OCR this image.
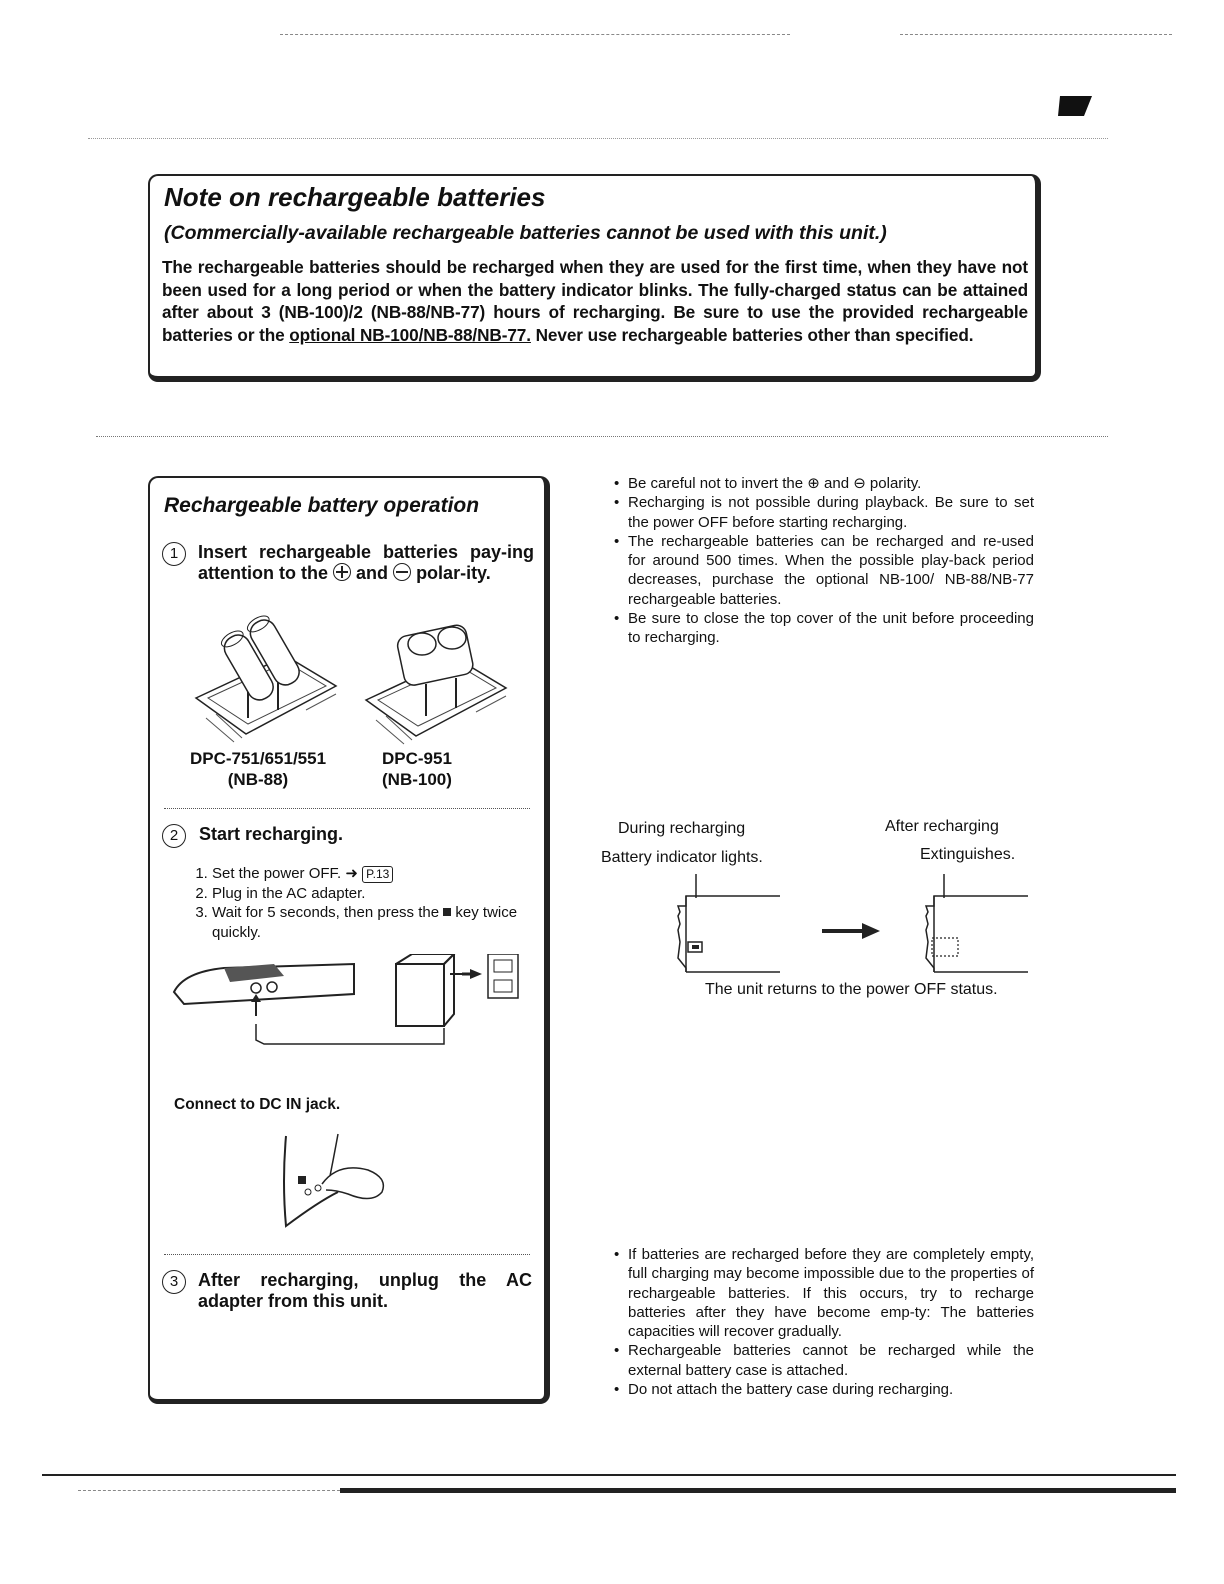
Note on rechargeable batteries
(Commercially-available rechargeable batteries cannot be used with this unit.)
The rechargeable batteries should be recharged when they are used for the first time, when they have not been used for a long period or when the battery indicator blinks. The fully-charged status can be attained after about 3 (NB-100)/2 (NB-88/NB-77) hours of recharging. Be sure to use the provided rechargeable batteries or the optional NB-100/NB-88/NB-77. Never use rechargeable batteries other than specified.
Rechargeable battery operation
1	Insert rechargeable batteries pay-ing attention to the and polar-ity.
DPC-751/651/551
(NB-88)
DPC-951
(NB-100)
2 Start recharging.
1. Set the power OFF. ➜ P.13
2. Plug in the AC adapter.
3. Wait for 5 seconds, then press the key twice quickly.
Connect to DC IN jack.
3	After recharging, unplug the AC adapter from this unit.
• Be careful not to invert the ⊕ and ⊖ polarity.
• Recharging is not possible during playback. Be sure to set the power OFF before starting recharging.
• The rechargeable batteries can be recharged and re-used for around 500 times. When the possible play-back period decreases, purchase the optional NB-100/ NB-88/NB-77 rechargeable batteries.
• Be sure to close the top cover of the unit before proceeding to recharging.
During recharging
Battery indicator lights.
After recharging
Extinguishes.
The unit returns to the power OFF status.
• If batteries are recharged before they are completely empty, full charging may become impossible due to the properties of rechargeable batteries. If this occurs, try to recharge batteries after they have become emp-ty: The batteries capacities will recover gradually.
• Rechargeable batteries cannot be recharged while the external battery case is attached.
• Do not attach the battery case during recharging.
